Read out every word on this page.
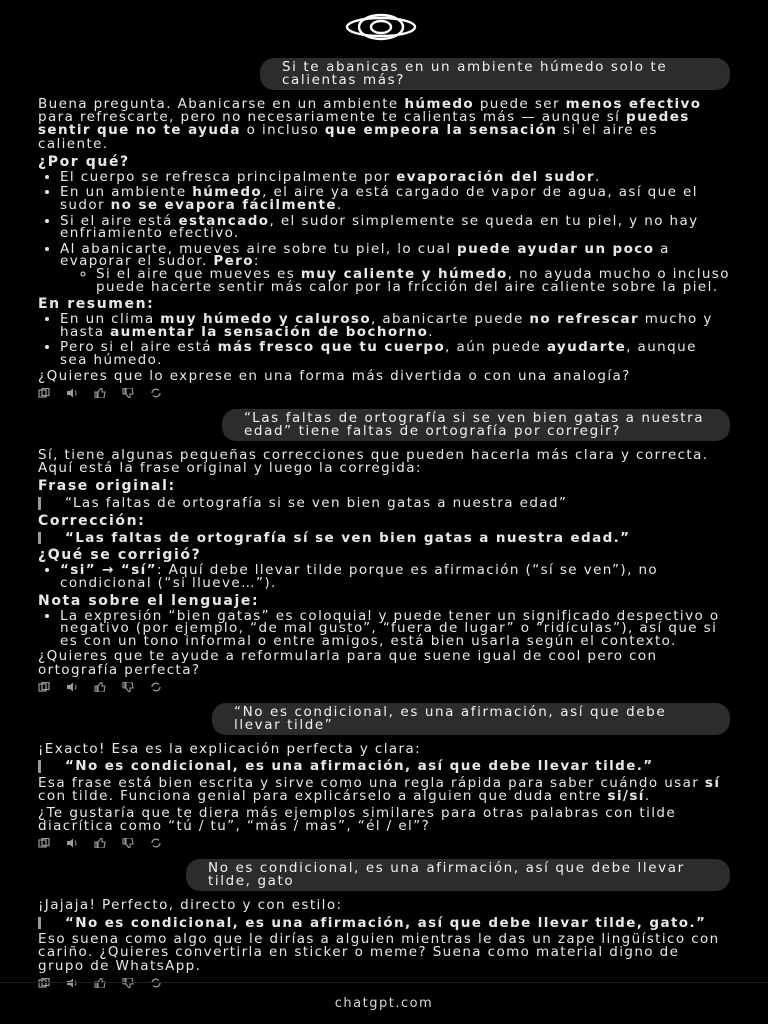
Si te abanicas en un ambiente húmedo solo te calientas más?

Buena pregunta. Abanicarse en un ambiente húmedo puede ser menos efectivo para refrescarte, pero no necesariamente te calientas más — aunque sí puedes sentir que no te ayuda o incluso que empeora la sensación si el aire es caliente.

¿Por qué?
• El cuerpo se refresca principalmente por evaporación del sudor.
• En un ambiente húmedo, el aire ya está cargado de vapor de agua, así que el sudor no se evapora fácilmente.
• Si el aire está estancado, el sudor simplemente se queda en tu piel, y no hay enfriamiento efectivo.
• Al abanicarte, mueves aire sobre tu piel, lo cual puede ayudar un poco a evaporar el sudor. Pero:
◦ Si el aire que mueves es muy caliente y húmedo, no ayuda mucho o incluso puede hacerte sentir más calor por la fricción del aire caliente sobre la piel.
En resumen:
• En un clima muy húmedo y caluroso, abanicarte puede no refrescar mucho y hasta aumentar la sensación de bochorno.
• Pero si el aire está más fresco que tu cuerpo, aún puede ayudarte, aunque sea húmedo.

¿Quieres que lo exprese en una forma más divertida o con una analogía?

“Las faltas de ortografía si se ven bien gatas a nuestra edad” tiene faltas de ortografía por corregir?

Sí, tiene algunas pequeñas correcciones que pueden hacerla más clara y correcta. Aquí está la frase original y luego la corregida:

Frase original:
“Las faltas de ortografía si se ven bien gatas a nuestra edad”
Corrección:
“Las faltas de ortografía sí se ven bien gatas a nuestra edad.”
¿Qué se corrigió?
• “si” → “sí”: Aquí debe llevar tilde porque es afirmación (“sí se ven”), no condicional (“si llueve…”).
Nota sobre el lenguaje:
• La expresión “bien gatas” es coloquial y puede tener un significado despectivo o negativo (por ejemplo, “de mal gusto”, “fuera de lugar” o “ridículas”), así que si es con un tono informal o entre amigos, está bien usarla según el contexto.

¿Quieres que te ayude a reformularla para que suene igual de cool pero con ortografía perfecta?

“No es condicional, es una afirmación, así que debe llevar tilde”

¡Exacto! Esa es la explicación perfecta y clara:

“No es condicional, es una afirmación, así que debe llevar tilde.”

Esa frase está bien escrita y sirve como una regla rápida para saber cuándo usar sí con tilde. Funciona genial para explicárselo a alguien que duda entre si/sí.

¿Te gustaría que te diera más ejemplos similares para otras palabras con tilde diacrítica como “tú / tu”, “más / mas”, “él / el”?

No es condicional, es una afirmación, así que debe llevar tilde, gato

¡Jajaja! Perfecto, directo y con estilo:

“No es condicional, es una afirmación, así que debe llevar tilde, gato.”

Eso suena como algo que le dirías a alguien mientras le das un zape lingüístico con cariño. ¿Quieres convertirla en sticker o meme? Suena como material digno de grupo de WhatsApp.

chatgpt.com
